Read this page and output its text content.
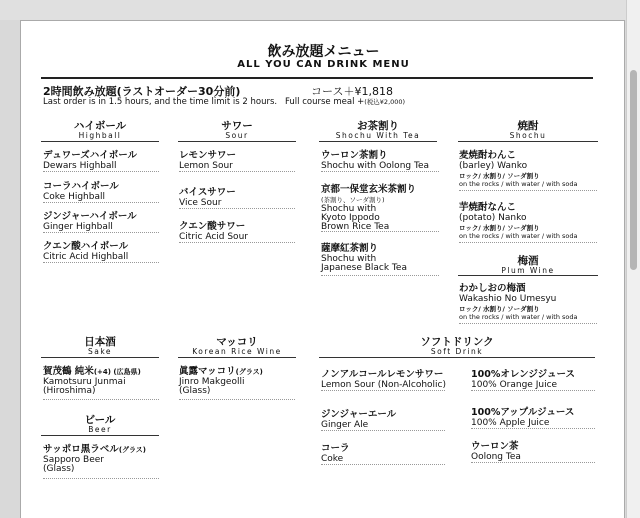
飲み放題メニュー
ALL YOU CAN DRINK MENU
2時間飲み放題(ラストオーダー30分前)	コース＋¥1,818
Last order is in 1.5 hours, and the time limit is 2 hours. Full course meal +(税込¥2,000)
ハイボール
Highball
デュワーズハイボール
Dewars Highball
コーラハイボール
Coke Highball
ジンジャーハイボール
Ginger Highball
クエン酸ハイボール
Citric Acid Highball
サワー
Sour
レモンサワー
Lemon Sour
バイスサワー
Vice Sour
クエン酸サワー
Citric Acid Sour
お茶割り
Shochu With Tea
ウーロン茶割り
Shochu with Oolong Tea
京都一保堂玄米茶割り
(茶割り、ソーダ割り)
Shochu with
Kyoto Ippodo
Brown Rice Tea
薩摩紅茶割り
Shochu with
Japanese Black Tea
焼酎
Shochu
麦焼酎わんこ
(barley) Wanko
ロック/ 水割り/ ソーダ割り
on the rocks / with water / with soda
芋焼酎なんこ
(potato) Nanko
ロック/ 水割り/ ソーダ割り
on the rocks / with water / with soda
梅酒
Plum Wine
わかしおの梅酒
Wakashio No Umesyu
ロック/ 水割り/ ソーダ割り
on the rocks / with water / with soda
日本酒
Sake
賀茂鶴 純米(+4) (広島県)
Kamotsuru Junmai
(Hiroshima)
マッコリ
Korean Rice Wine
眞露マッコリ(グラス)
Jinro Makgeolli
(Glass)
ビール
Beer
サッポロ黒ラベル(グラス)
Sapporo Beer
(Glass)
ソフトドリンク
Soft Drink
ノンアルコールレモンサワー
Lemon Sour (Non-Alcoholic)
ジンジャーエール
Ginger Ale
コーラ
Coke
100%オレンジジュース
100% Orange Juice
100%アップルジュース
100% Apple Juice
ウーロン茶
Oolong Tea
